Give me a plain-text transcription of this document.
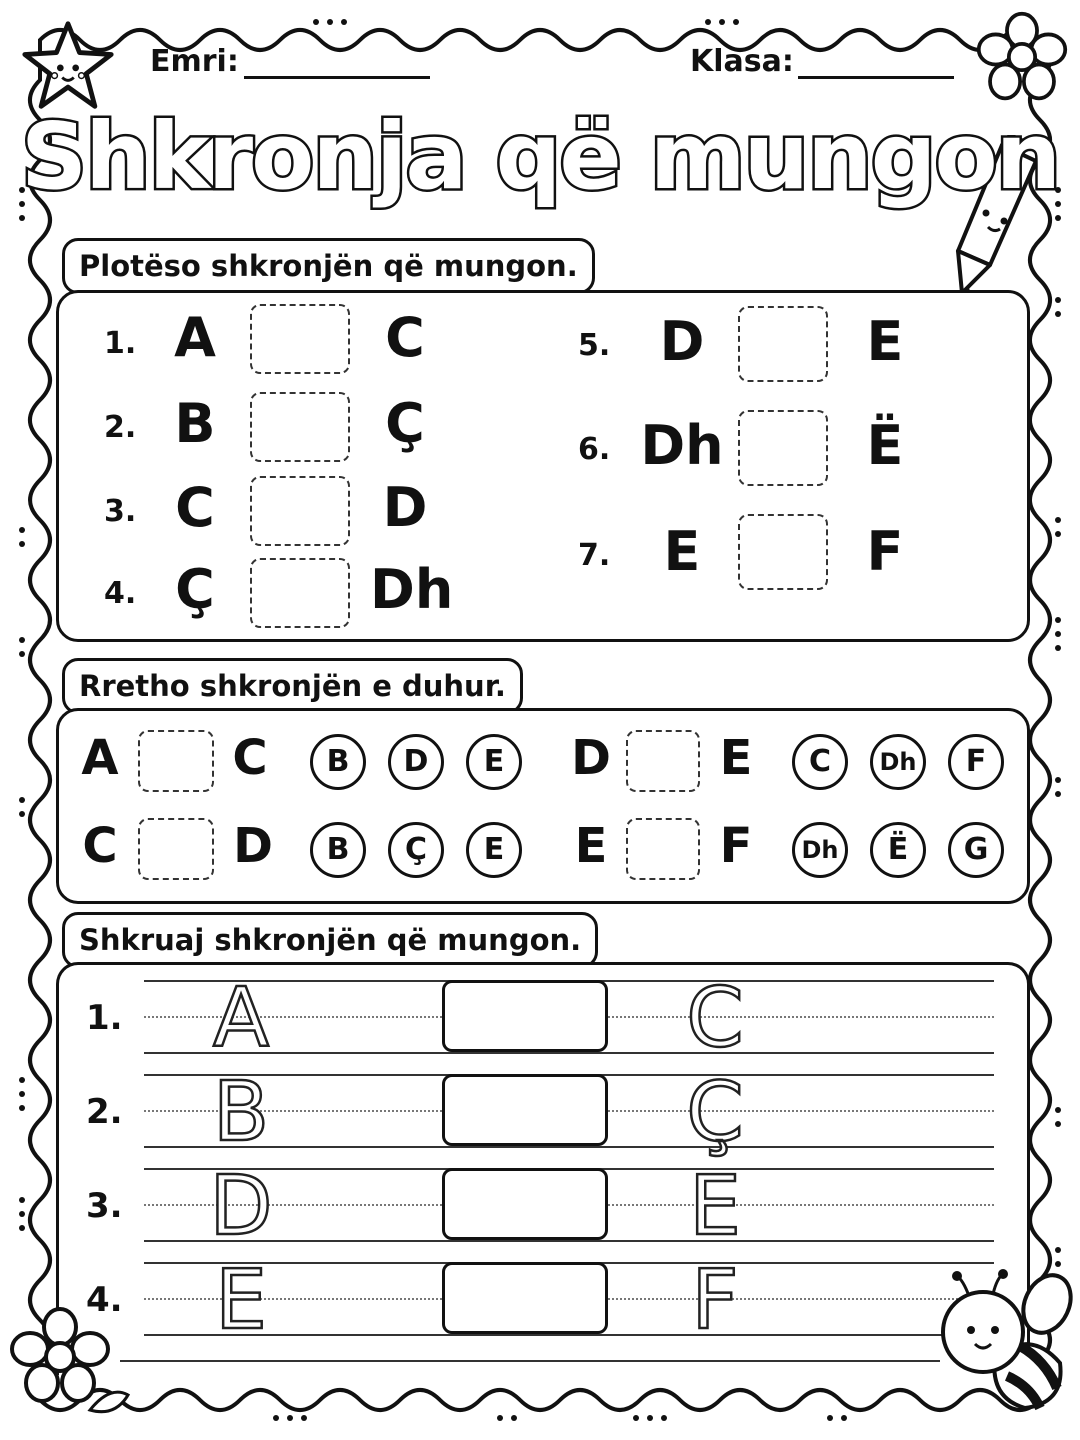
Emri:	Klasa:
Shkronja që mungon
Plotëso shkronjën që mungon.
1. A	C
2. B	Ç
3. C	D
4. Ç	Dh
5. D	E
6. Dh	Ë
7. E	F
Rretho shkronjën e duhur.
A C	B	D	E	D E	C	Dh	F
C D	B	Ç	E	E F	Dh	Ë	G
Shkruaj shkronjën që mungon.
1. A	C
2. B	Ç
3. D	E
4. E	F
